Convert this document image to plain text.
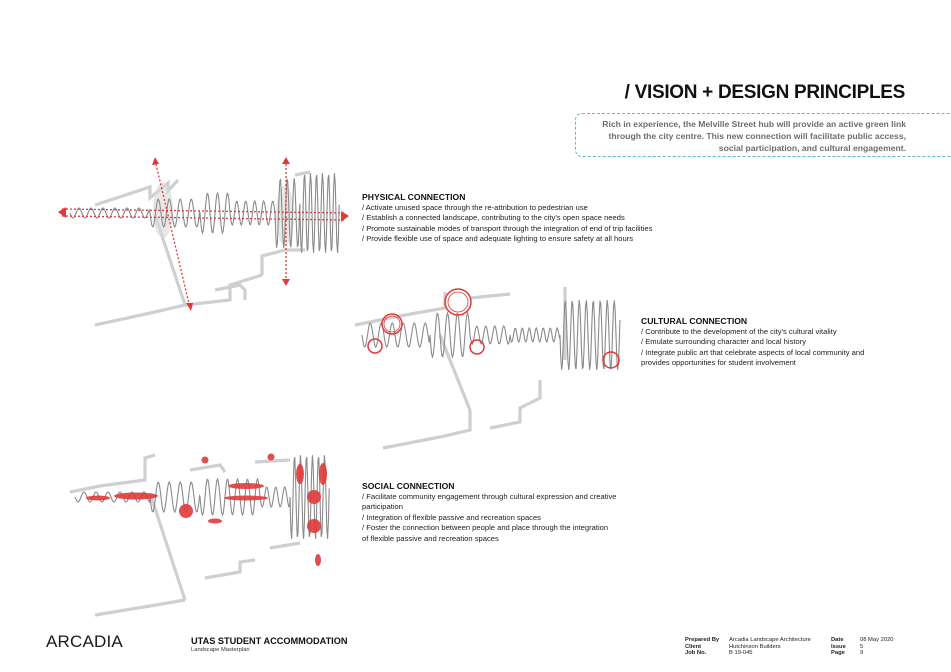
/ VISION + DESIGN PRINCIPLES
Rich in experience, the Melville Street hub will provide an active green link
through the city centre. This new connection will facilitate public access,
social participation, and cultural engagement.
PHYSICAL CONNECTION
/ Activate unused space through the re-attribution to pedestrian use
/ Establish a connected landscape, contributing to the city's open space needs
/ Promote sustainable modes of transport through the integration of end of trip facilities
/ Provide flexible use of space and adequate lighting to ensure safety at all hours
CULTURAL CONNECTION
/ Contribute to the development of the city's cultural vitality
/ Emulate surrounding character and local history
/ Integrate public art that celebrate aspects of local community and
provides opportunities for student involvement
SOCIAL CONNECTION
/ Facilitate community engagement through cultural expression and creative
participation
/ Integration of flexible passive and recreation spaces
/ Foster the connection between people and place through the integration
of flexible passive and recreation spaces
ARCADIA	UTAS STUDENT ACCOMMODATION
Landscape Masterplan
Prepared By
Client
Job No.
Arcadia Landscape Architecture
Hutchinson Builders
B 19-045
Date
Issue
Page
08 May 2020
5
9
